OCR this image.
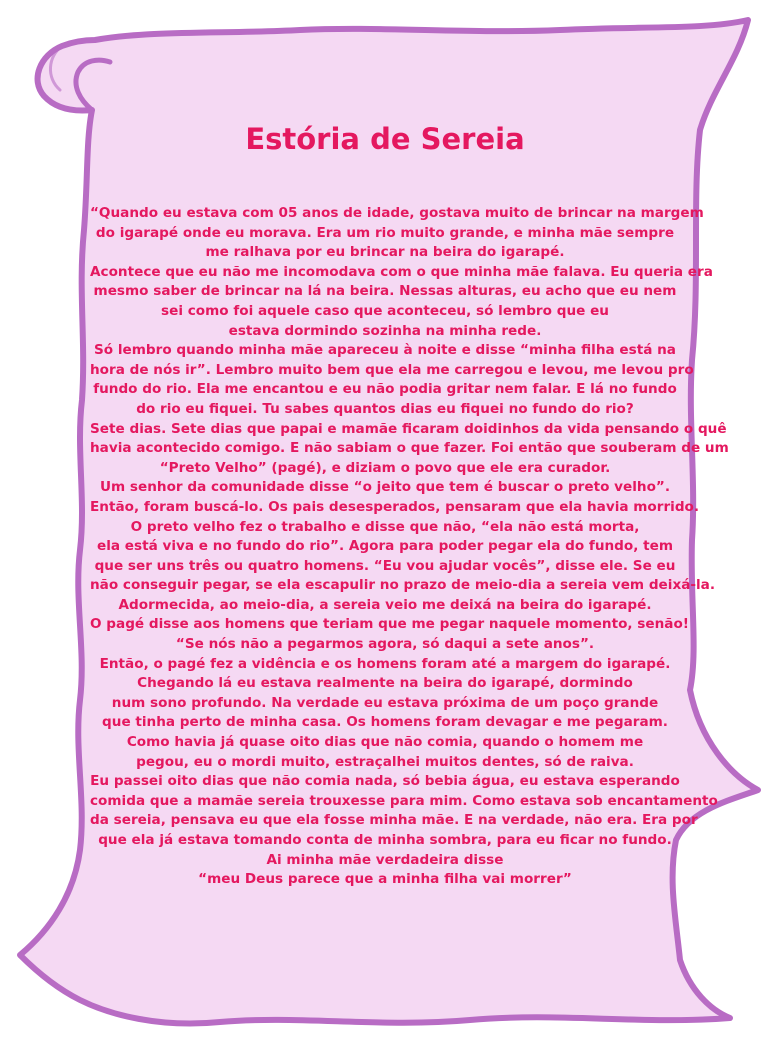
Estória de Sereia
“Quando eu estava com 05 anos de idade, gostava muito de brincar na margem
do igarapé onde eu morava. Era um rio muito grande, e minha mãe sempre
me ralhava por eu brincar na beira do igarapé.
Acontece que eu não me incomodava com o que minha mãe falava. Eu queria era
mesmo saber de brincar na lá na beira. Nessas alturas, eu acho que eu nem
sei como foi aquele caso que aconteceu, só lembro que eu
estava dormindo sozinha na minha rede.
Só lembro quando minha mãe apareceu à noite e disse “minha filha está na
hora de nós ir”. Lembro muito bem que ela me carregou e levou, me levou pro
fundo do rio. Ela me encantou e eu não podia gritar nem falar. E lá no fundo
do rio eu fiquei. Tu sabes quantos dias eu fiquei no fundo do rio?
Sete dias. Sete dias que papai e mamãe ficaram doidinhos da vida pensando o quê
havia acontecido comigo. E não sabiam o que fazer. Foi então que souberam de um
“Preto Velho” (pagé), e diziam o povo que ele era curador.
Um senhor da comunidade disse “o jeito que tem é buscar o preto velho”.
Então, foram buscá-lo. Os pais desesperados, pensaram que ela havia morrido.
O preto velho fez o trabalho e disse que não, “ela não está morta,
ela está viva e no fundo do rio”. Agora para poder pegar ela do fundo, tem
que ser uns três ou quatro homens. “Eu vou ajudar vocês”, disse ele. Se eu
não conseguir pegar, se ela escapulir no prazo de meio-dia a sereia vem deixá-la.
Adormecida, ao meio-dia, a sereia veio me deixá na beira do igarapé.
O pagé disse aos homens que teriam que me pegar naquele momento, senão!
“Se nós não a pegarmos agora, só daqui a sete anos”.
Então, o pagé fez a vidência e os homens foram até a margem do igarapé.
Chegando lá eu estava realmente na beira do igarapé, dormindo
num sono profundo. Na verdade eu estava próxima de um poço grande
que tinha perto de minha casa. Os homens foram devagar e me pegaram.
Como havia já quase oito dias que não comia, quando o homem me
pegou, eu o mordi muito, estraçalhei muitos dentes, só de raiva.
Eu passei oito dias que não comia nada, só bebia água, eu estava esperando
comida que a mamãe sereia trouxesse para mim. Como estava sob encantamento
da sereia, pensava eu que ela fosse minha mãe. E na verdade, não era. Era por
que ela já estava tomando conta de minha sombra, para eu ficar no fundo.
Ai minha mãe verdadeira disse
“meu Deus parece que a minha filha vai morrer”
